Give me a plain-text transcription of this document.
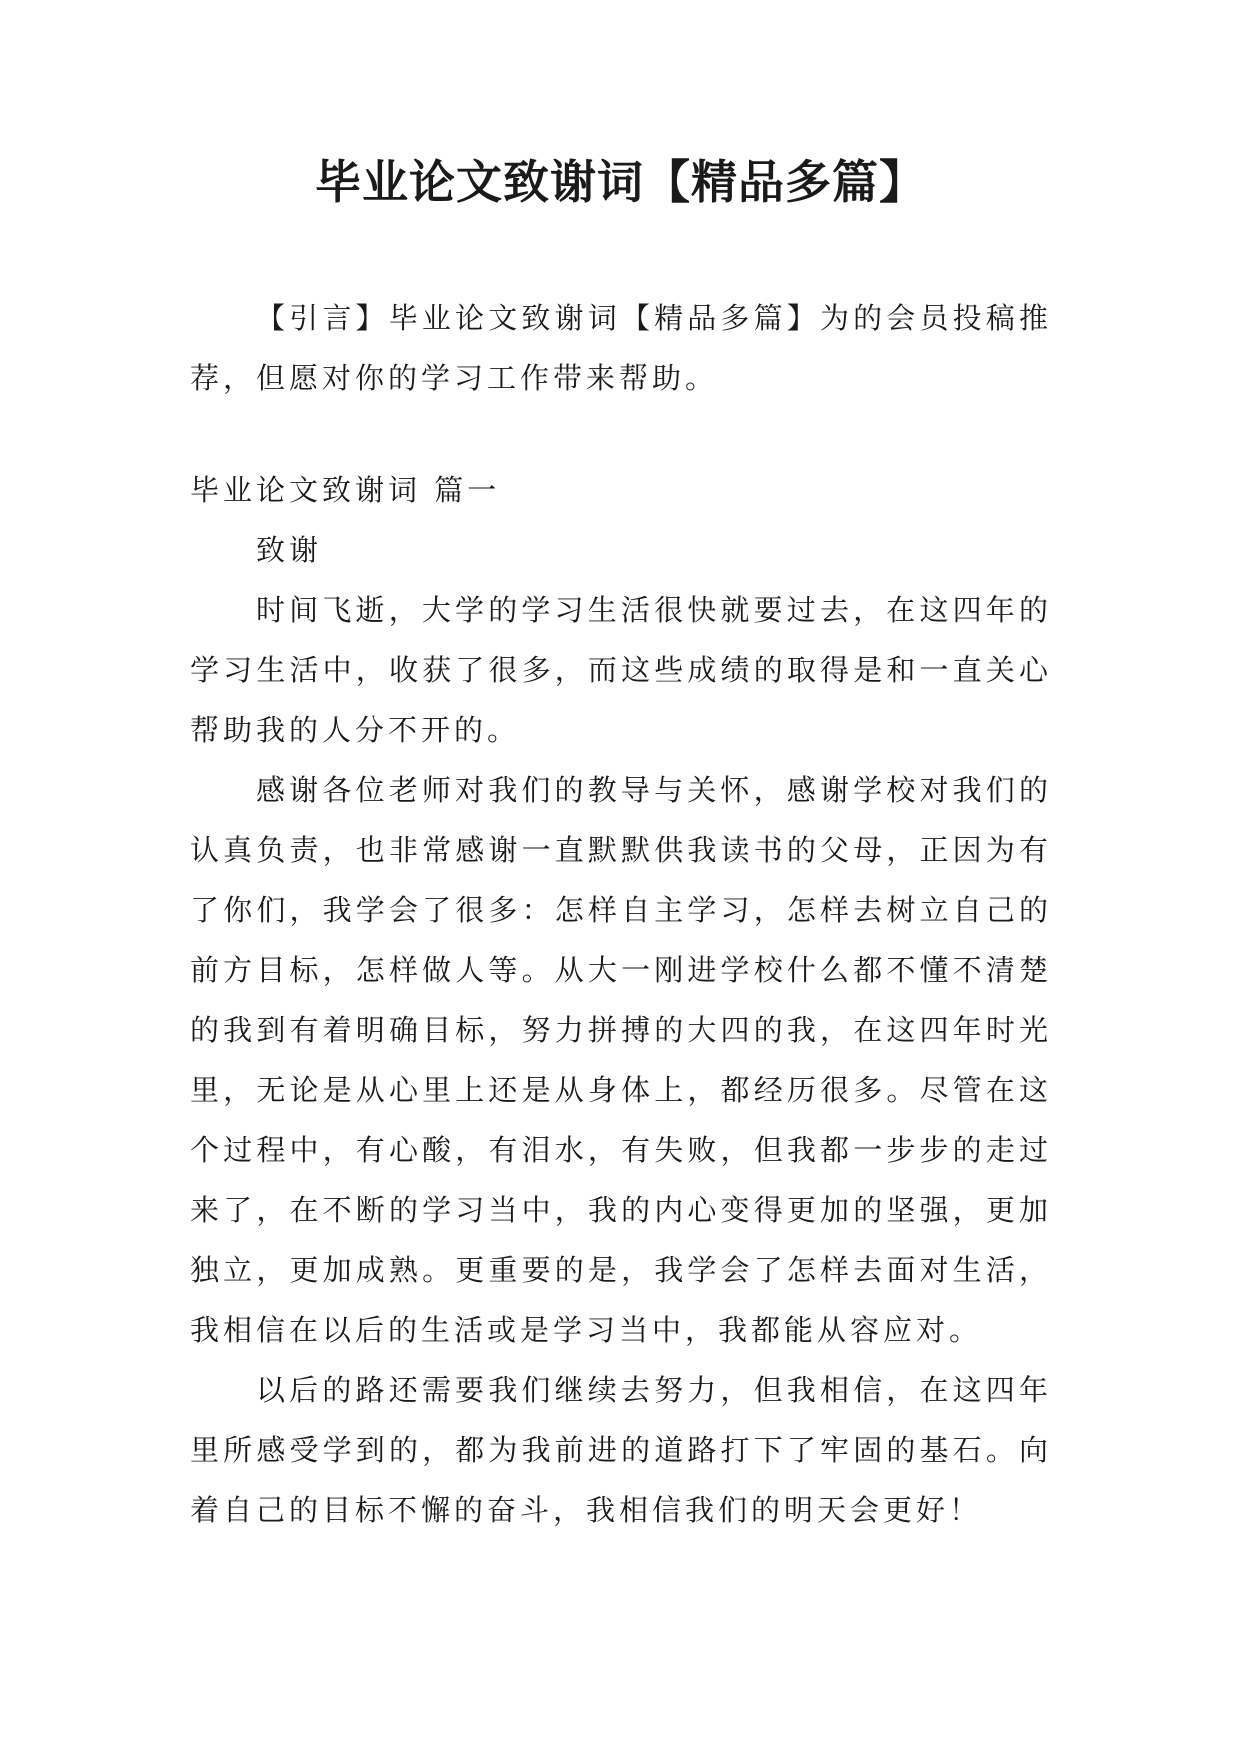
毕业论文致谢词【精品多篇】

【引言】毕业论文致谢词【精品多篇】为的会员投稿推荐，但愿对你的学习工作带来帮助。

毕业论文致谢词 篇一

致谢

时间飞逝，大学的学习生活很快就要过去，在这四年的学习生活中，收获了很多，而这些成绩的取得是和一直关心帮助我的人分不开的。

感谢各位老师对我们的教导与关怀，感谢学校对我们的认真负责，也非常感谢一直默默供我读书的父母，正因为有了你们，我学会了很多：怎样自主学习，怎样去树立自己的前方目标，怎样做人等。从大一刚进学校什么都不懂不清楚的我到有着明确目标，努力拼搏的大四的我，在这四年时光里，无论是从心里上还是从身体上，都经历很多。尽管在这个过程中，有心酸，有泪水，有失败，但我都一步步的走过来了，在不断的学习当中，我的内心变得更加的坚强，更加独立，更加成熟。更重要的是，我学会了怎样去面对生活，我相信在以后的生活或是学习当中，我都能从容应对。

以后的路还需要我们继续去努力，但我相信，在这四年里所感受学到的，都为我前进的道路打下了牢固的基石。向着自己的目标不懈的奋斗，我相信我们的明天会更好！
